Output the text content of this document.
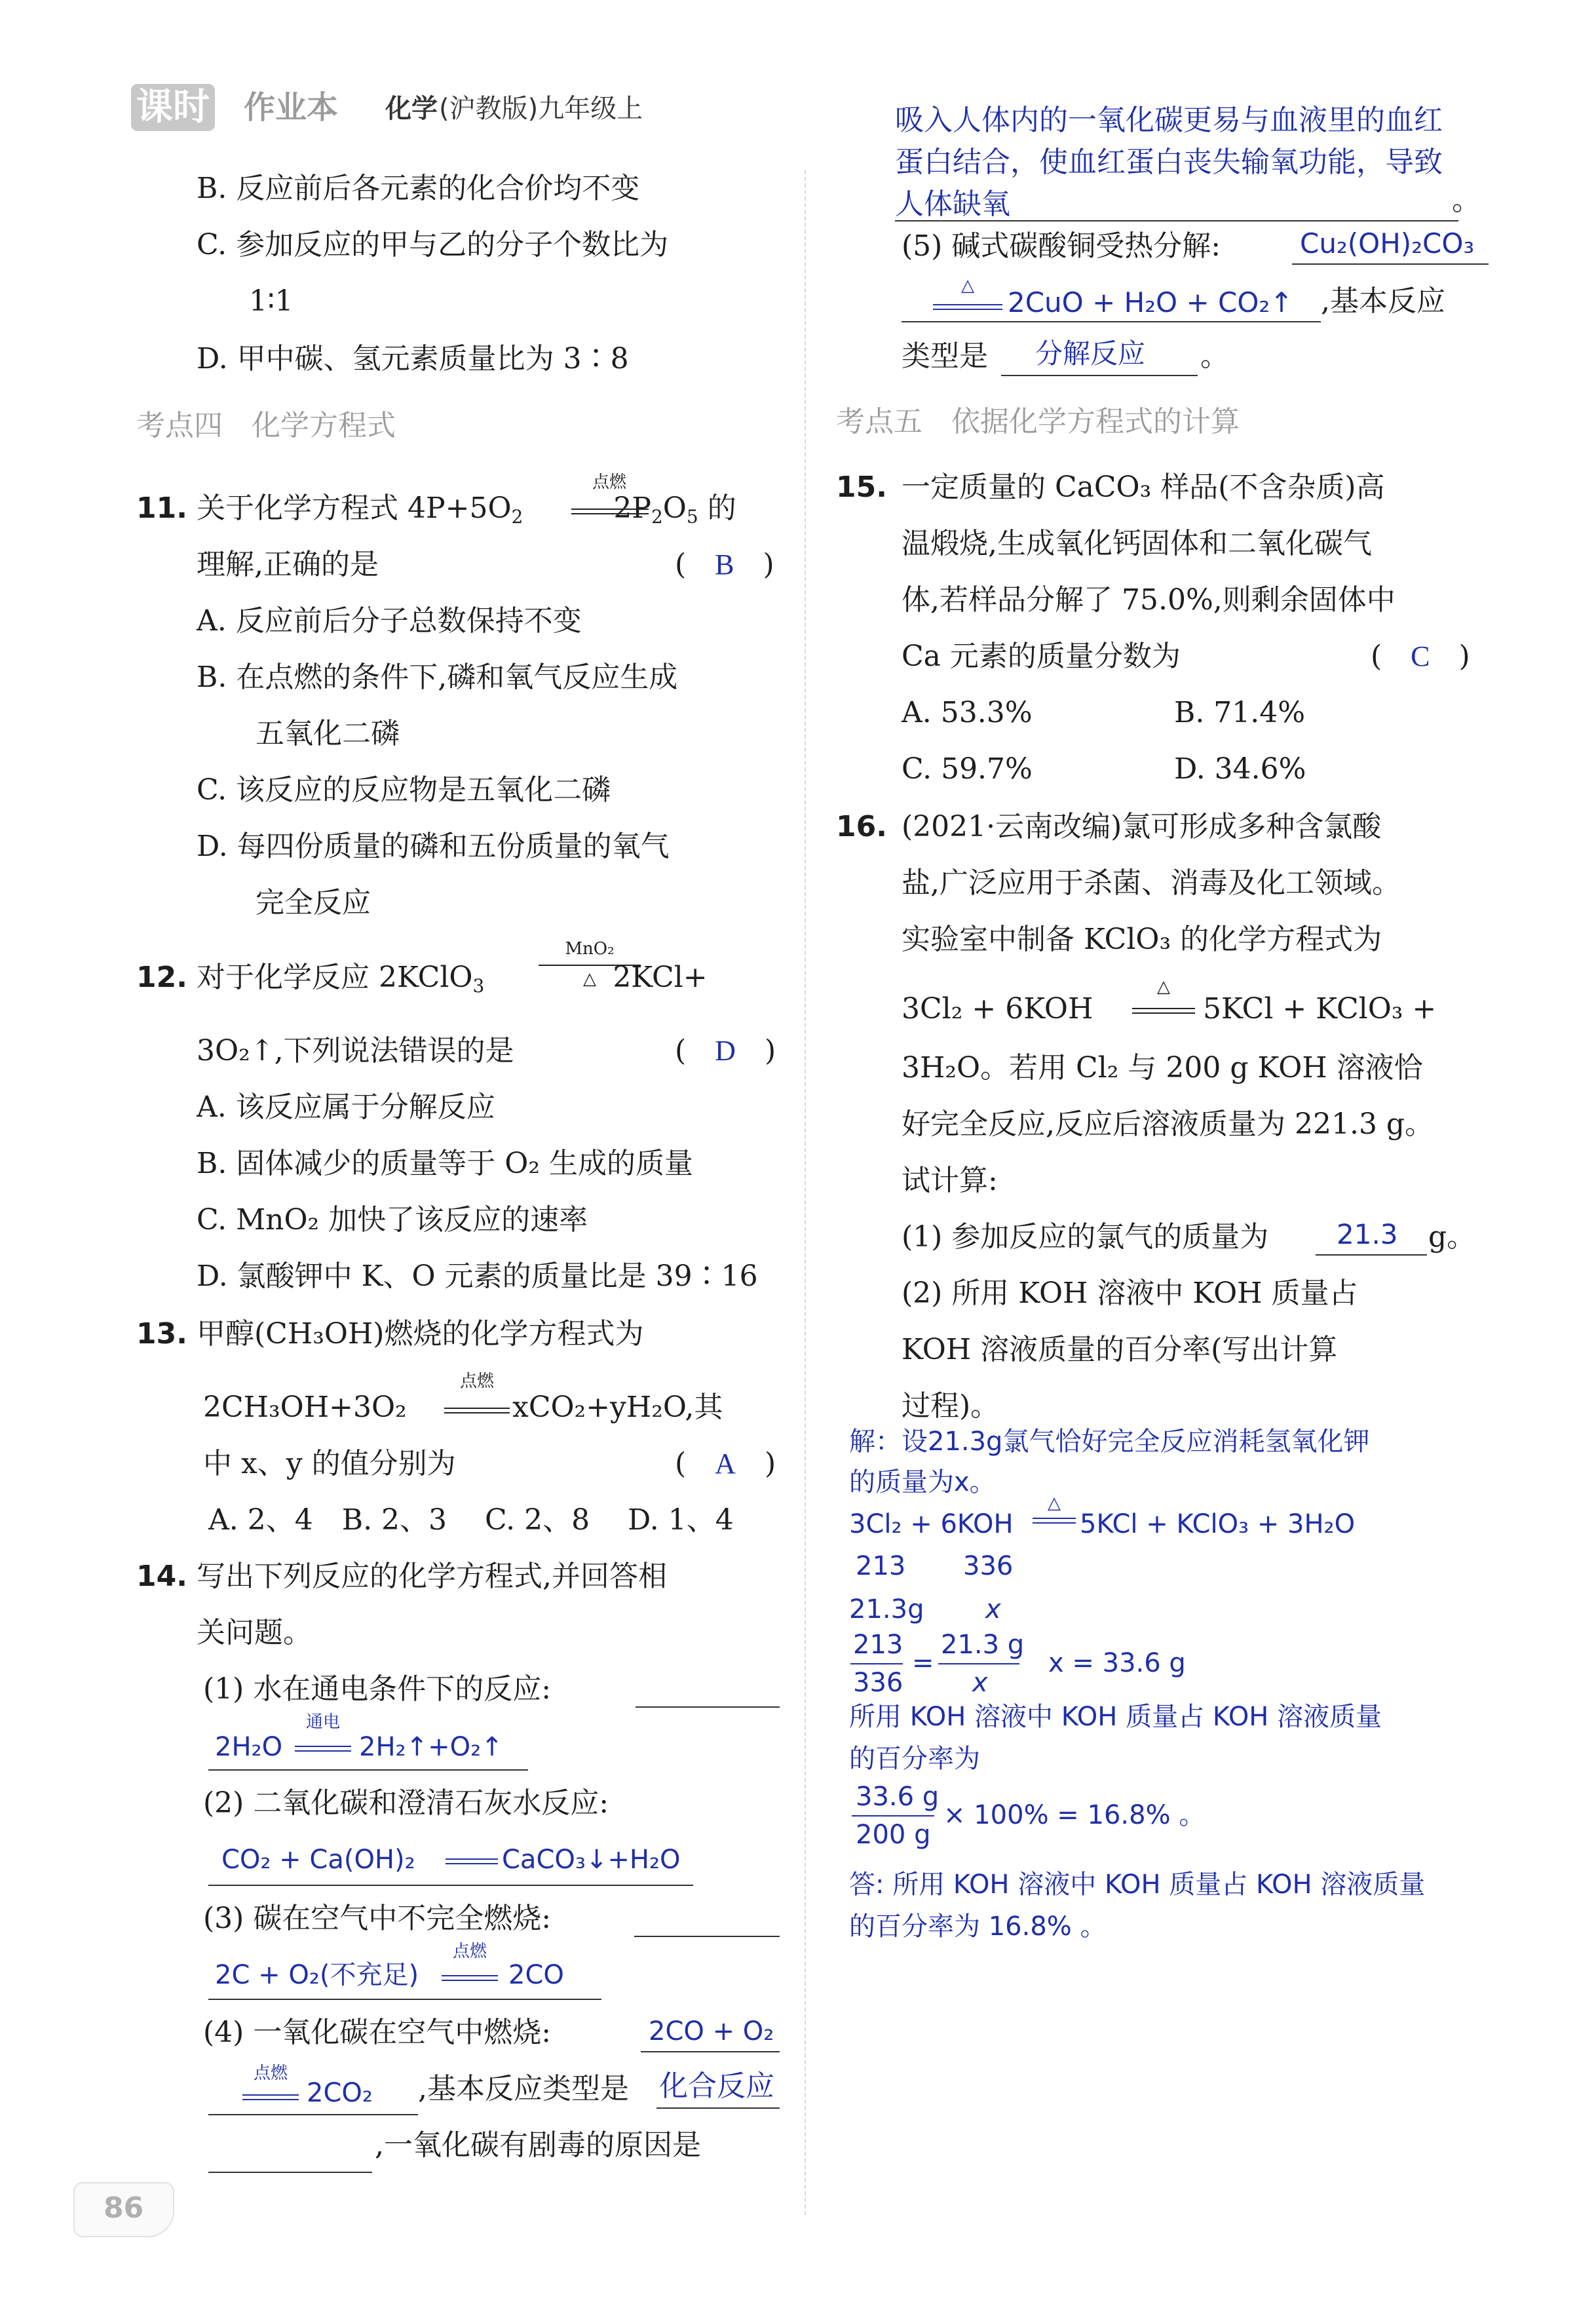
课时 作业本 化学 (沪教版)九年级上
B. 反应前后各元素的化合价均不变
C. 参加反应的甲与乙的分子个数比为
1∶1
D. 甲中碳、氢元素质量比为 3∶8
考点四　化学方程式
11. 关于化学方程式 $4P+5O_2$	$2P_2O_5$ 的
点燃
理解,正确的是	(　B　)
A. 反应前后分子总数保持不变
B. 在点燃的条件下,磷和氧气反应生成
五氧化二磷
C. 该反应的反应物是五氧化二磷
D. 每四份质量的磷和五份质量的氧气
完全反应
12. 对于化学反应 2KClO$_3$	2KCl+
MnO₂
△
3O₂↑,下列说法错误的是	(　D　)
A. 该反应属于分解反应
B. 固体减少的质量等于 O₂ 生成的质量
C. MnO₂ 加快了该反应的速率
D. 氯酸钾中 K、O 元素的质量比是 39∶16
13. 甲醇(CH₃OH)燃烧的化学方程式为
2CH₃OH+3O₂
点燃
xCO₂+yH₂O,其
中 x、y 的值分别为	(　A　)
A. 2、4　B. 2、3　 C. 2、8　 D. 1、4
14. 写出下列反应的化学方程式,并回答相
关问题。
(1) 水在通电条件下的反应:
2H₂O
通电
2H₂↑+O₂↑
(2) 二氧化碳和澄清石灰水反应:
CO₂ + Ca(OH)₂	CaCO₃↓+H₂O
(3) 碳在空气中不完全燃烧:
2C + O₂(不充足)
点燃
2CO
(4) 一氧化碳在空气中燃烧:	2CO + O₂
点燃
2CO₂ ,基本反应类型是 化合反应
,一氧化碳有剧毒的原因是
86
吸入人体内的一氧化碳更易与血液里的血红
蛋白结合，使血红蛋白丧失输氧功能，导致
人体缺氧	。
(5) 碱式碳酸铜受热分解:	Cu₂(OH)₂CO₃
△
2CuO + H₂O + CO₂↑ ,基本反应
类型是 分解反应 。
考点五　依据化学方程式的计算
15. 一定质量的 CaCO₃ 样品(不含杂质)高
温煅烧,生成氧化钙固体和二氧化碳气
体,若样品分解了 75.0%,则剩余固体中
Ca 元素的质量分数为	(　C　)
A. 53.3%	B. 71.4%
C. 59.7%	D. 34.6%
16. (2021·云南改编)氯可形成多种含氯酸
盐,广泛应用于杀菌、消毒及化工领域。
实验室中制备 KClO₃ 的化学方程式为
3Cl₂ + 6KOH
△
5KCl + KClO₃ +
3H₂O。若用 Cl₂ 与 200 g KOH 溶液恰
好完全反应,反应后溶液质量为 221.3 g。
试计算:
(1) 参加反应的氯气的质量为 21.3 g。
(2) 所用 KOH 溶液中 KOH 质量占
KOH 溶液质量的百分率(写出计算
过程)。
解：设21.3g氯气恰好完全反应消耗氢氧化钾
的质量为x。
3Cl₂ + 6KOH
△
5KCl + KClO₃ + 3H₂O
213 336
21.3g x
213
336
=
21.3 g
x
x = 33.6 g
所用 KOH 溶液中 KOH 质量占 KOH 溶液质量
的百分率为
33.6 g
200 g
× 100% = 16.8% 。
答: 所用 KOH 溶液中 KOH 质量占 KOH 溶液质量
的百分率为 16.8% 。
